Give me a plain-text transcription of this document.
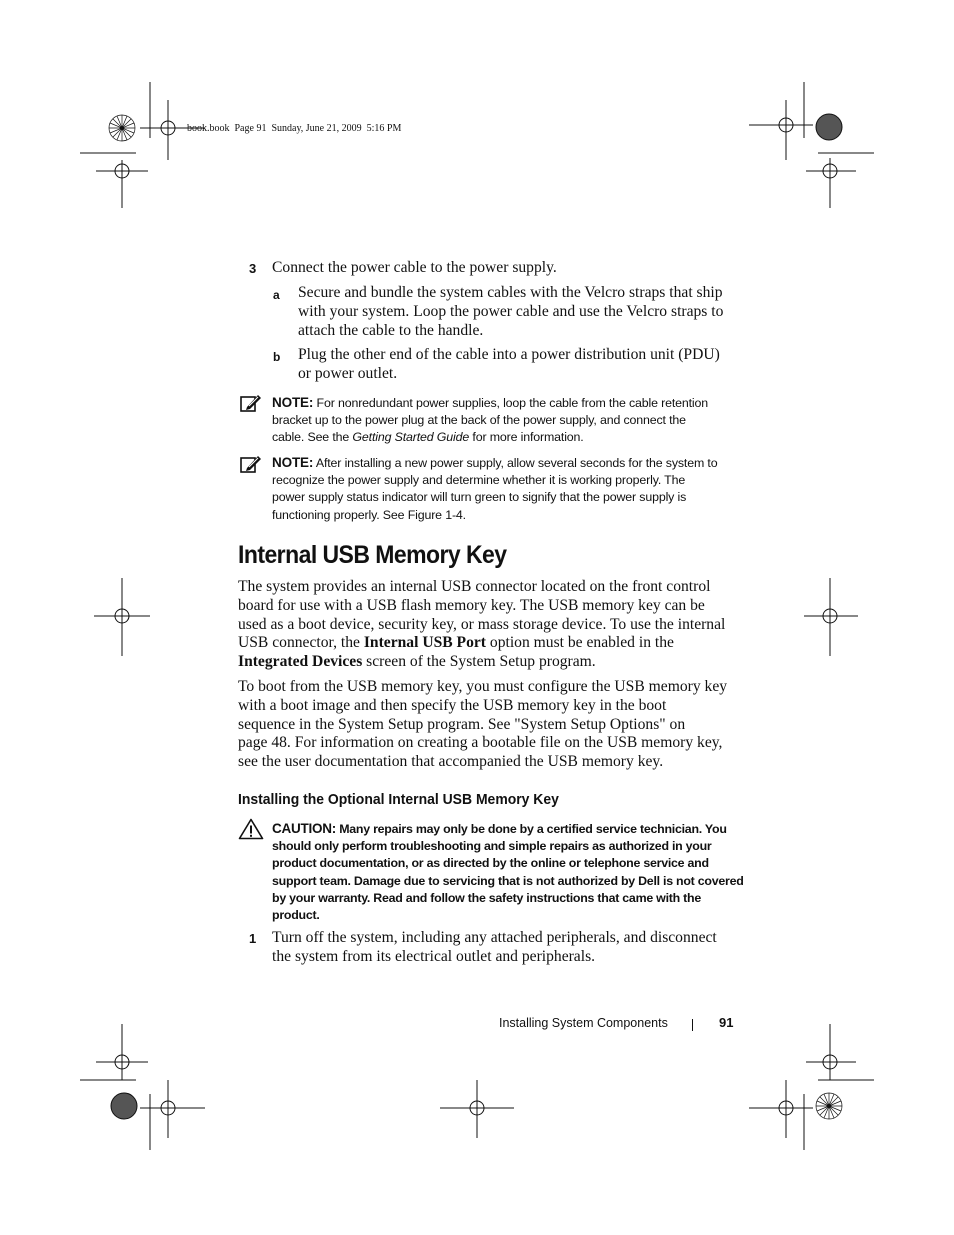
book.book  Page 91  Sunday, June 21, 2009  5:16 PM
3 Connect the power cable to the power supply.
a Secure and bundle the system cables with the Velcro straps that ship
with your system. Loop the power cable and use the Velcro straps to
attach the cable to the handle.
b Plug the other end of the cable into a power distribution unit (PDU)
or power outlet.
NOTE: For nonredundant power supplies, loop the cable from the cable retention
bracket up to the power plug at the back of the power supply, and connect the
cable. See the Getting Started Guide for more information.
NOTE: After installing a new power supply, allow several seconds for the system to
recognize the power supply and determine whether it is working properly. The
power supply status indicator will turn green to signify that the power supply is
functioning properly. See Figure 1-4.
Internal USB Memory Key
The system provides an internal USB connector located on the front control
board for use with a USB flash memory key. The USB memory key can be
used as a boot device, security key, or mass storage device. To use the internal
USB connector, the Internal USB Port option must be enabled in the
Integrated Devices screen of the System Setup program.
To boot from the USB memory key, you must configure the USB memory key
with a boot image and then specify the USB memory key in the boot
sequence in the System Setup program. See "System Setup Options" on
page 48. For information on creating a bootable file on the USB memory key,
see the user documentation that accompanied the USB memory key.
Installing the Optional Internal USB Memory Key
CAUTION: Many repairs may only be done by a certified service technician. You
should only perform troubleshooting and simple repairs as authorized in your
product documentation, or as directed by the online or telephone service and
support team. Damage due to servicing that is not authorized by Dell is not covered
by your warranty. Read and follow the safety instructions that came with the
product.
1 Turn off the system, including any attached peripherals, and disconnect
the system from its electrical outlet and peripherals.
Installing System Components	91
